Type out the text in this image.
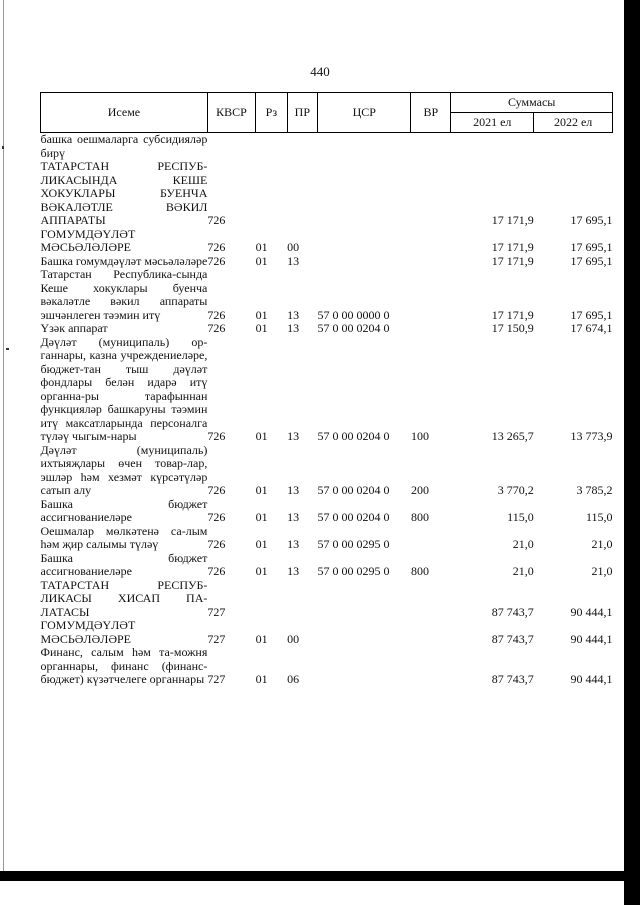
440
Исеме	КВСР	Рз	ПР	ЦСР	ВР	Суммасы	
						2021 ел	2022 ел
башка оешмаларга субсидияләр бирү							
ТАТАРСТАН РЕСПУБ-ЛИКАСЫНДА КЕШЕ ХОКУКЛАРЫ БУЕНЧА ВӘКАЛӘТЛЕ ВӘКИЛ АППАРАТЫ	726					17 171,9	17 695,1
ГОМУМДӘҮЛӘТ МӘСЬӘЛӘЛӘРЕ	726	01	00			17 171,9	17 695,1
Башка гомумдәүләт мәсьәләләре	726	01	13			17 171,9	17 695,1
Татарстан Республика-сында Кеше хокуклары буенча вәкаләтле вәкил аппараты эшчәнлеген тәэмин итү	726	01	13	57 0 00 0000 0		17 171,9	17 695,1
Үзәк аппарат	726	01	13	57 0 00 0204 0		17 150,9	17 674,1
Дәүләт (муниципаль) ор-ганнары, казна учреждениеләре, бюджет-тан тыш дәүләт фондлары белән идарә итү органна-ры тарафыннан функцияләр башкаруны тәэмин итү максатларында персоналга түләү чыгым-нары	726	01	13	57 0 00 0204 0	100	13 265,7	13 773,9
Дәүләт (муниципаль) ихтыяҗлары өчен товар-лар, эшләр һәм хезмәт күрсәтүләр сатып алу	726	01	13	57 0 00 0204 0	200	3 770,2	3 785,2
Башка бюджет ассигнованиеләре	726	01	13	57 0 00 0204 0	800	115,0	115,0
Оешмалар мөлкәтенә са-лым һәм җир салымы түләү	726	01	13	57 0 00 0295 0		21,0	21,0
Башка бюджет ассигнованиеләре	726	01	13	57 0 00 0295 0	800	21,0	21,0
ТАТАРСТАН РЕСПУБ-ЛИКАСЫ ХИСАП ПА-ЛАТАСЫ	727					87 743,7	90 444,1
ГОМУМДӘҮЛӘТ МӘСЬӘЛӘЛӘРЕ	727	01	00			87 743,7	90 444,1
Финанс, салым һәм та-можня органнары, финанс (финанс-бюджет) күзәтчелеге органнары	727	01	06			87 743,7	90 444,1
